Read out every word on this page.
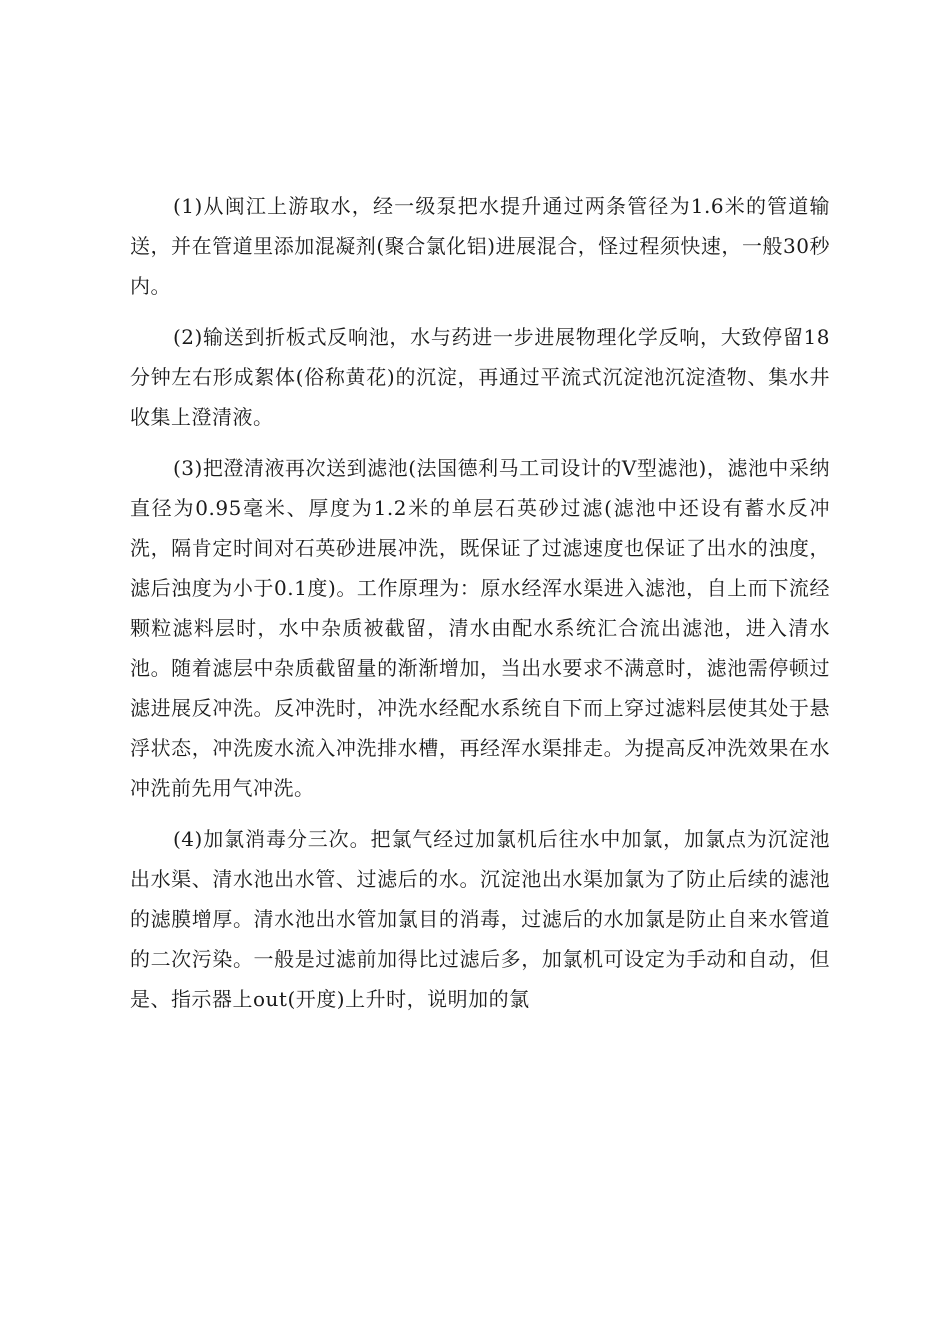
(1)从闽江上游取水，经一级泵把水提升通过两条管径为1.6米的管道输送，并在管道里添加混凝剂(聚合氯化铝)进展混合，怪过程须快速，一般30秒内。

(2)输送到折板式反响池，水与药进一步进展物理化学反响，大致停留18分钟左右形成絮体(俗称黄花)的沉淀，再通过平流式沉淀池沉淀渣物、集水井收集上澄清液。

(3)把澄清液再次送到滤池(法国德利马工司设计的V型滤池)，滤池中采纳直径为0.95毫米、厚度为1.2米的单层石英砂过滤(滤池中还设有蓄水反冲洗，隔肯定时间对石英砂进展冲洗，既保证了过滤速度也保证了出水的浊度，滤后浊度为小于0.1度)。工作原理为：原水经浑水渠进入滤池，自上而下流经颗粒滤料层时，水中杂质被截留，清水由配水系统汇合流出滤池，进入清水池。随着滤层中杂质截留量的渐渐增加，当出水要求不满意时，滤池需停顿过滤进展反冲洗。反冲洗时，冲洗水经配水系统自下而上穿过滤料层使其处于悬浮状态，冲洗废水流入冲洗排水槽，再经浑水渠排走。为提高反冲洗效果在水冲洗前先用气冲洗。

(4)加氯消毒分三次。把氯气经过加氯机后往水中加氯，加氯点为沉淀池出水渠、清水池出水管、过滤后的水。沉淀池出水渠加氯为了防止后续的滤池的滤膜增厚。清水池出水管加氯目的消毒，过滤后的水加氯是防止自来水管道的二次污染。一般是过滤前加得比过滤后多，加氯机可设定为手动和自动，但是、指示器上out(开度)上升时，说明加的氯
